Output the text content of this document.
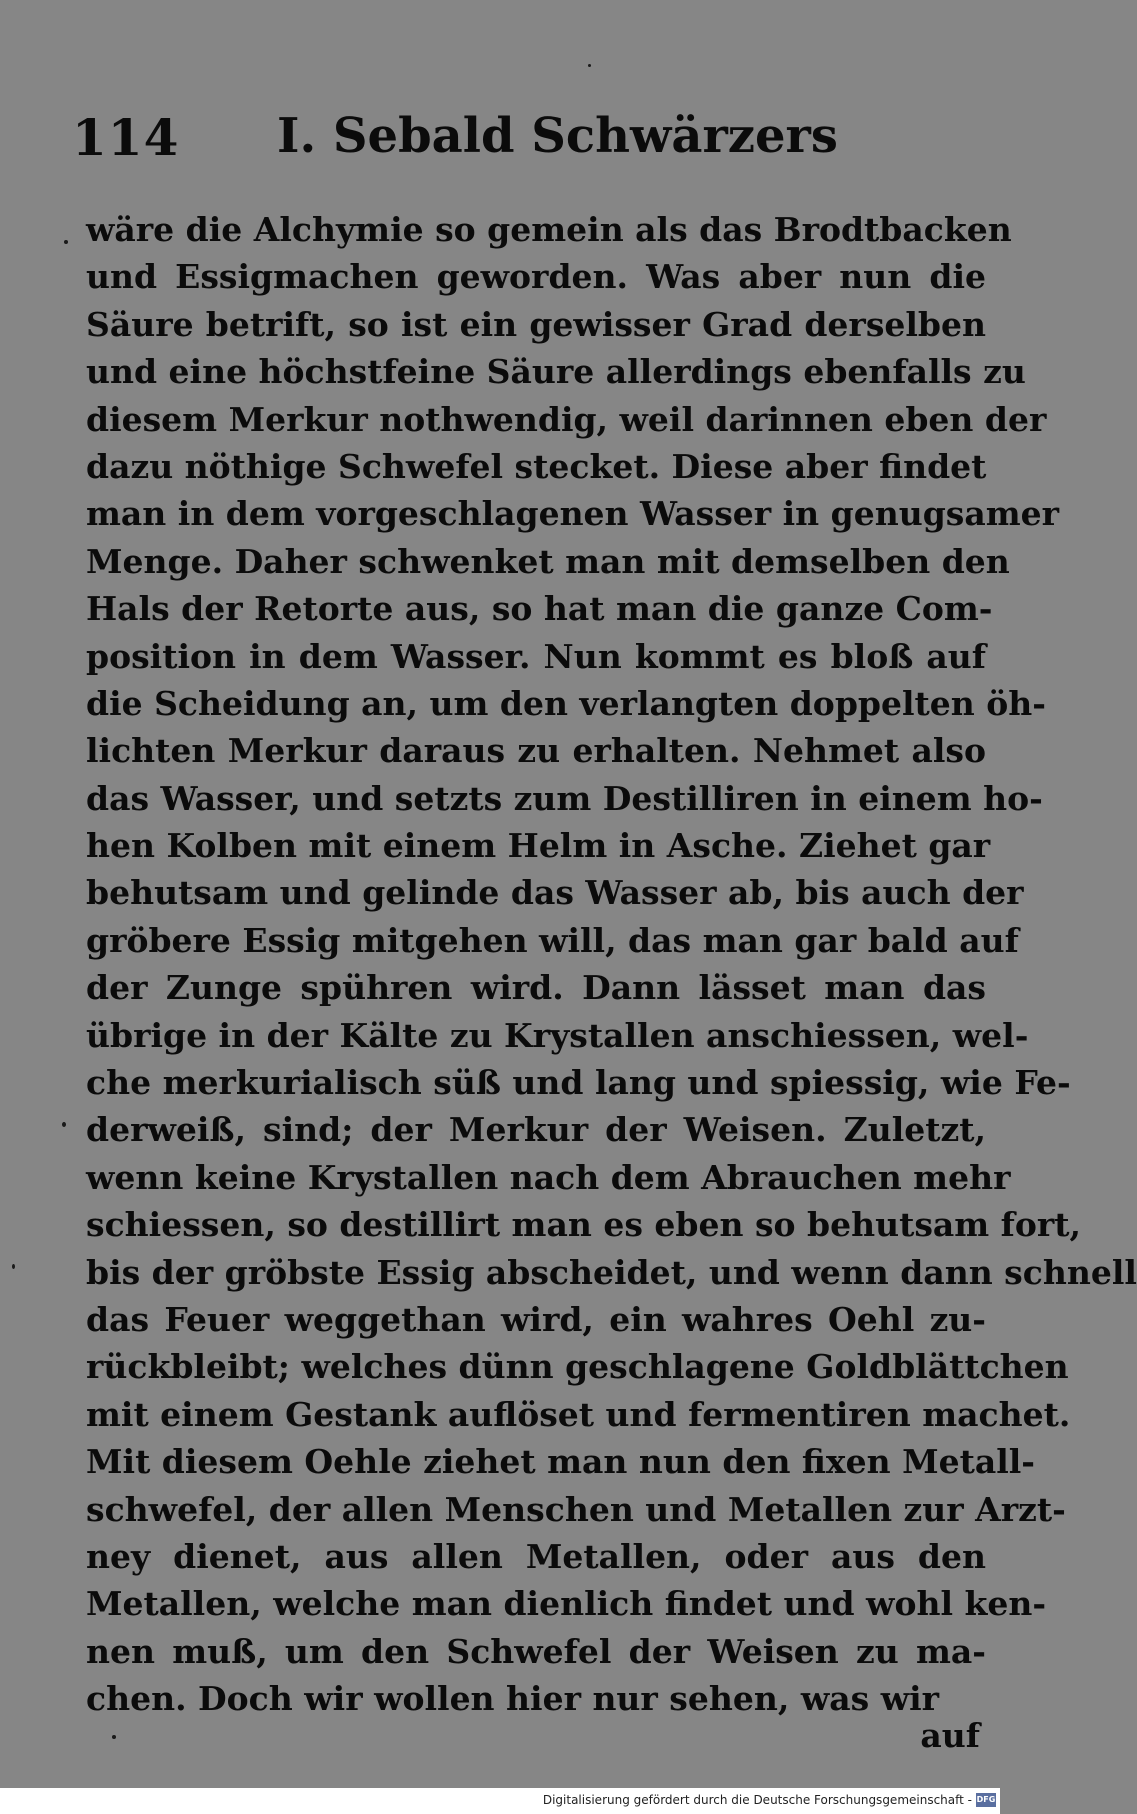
114 I. Sebald Schwärzers
wäre die Alchymie so gemein als das Brodtbacken
und Essigmachen geworden. Was aber nun die
Säure betrift, so ist ein gewisser Grad derselben
und eine höchstfeine Säure allerdings ebenfalls zu
diesem Merkur nothwendig, weil darinnen eben der
dazu nöthige Schwefel stecket. Diese aber findet
man in dem vorgeschlagenen Wasser in genugsamer
Menge. Daher schwenket man mit demselben den
Hals der Retorte aus, so hat man die ganze Com-
position in dem Wasser. Nun kommt es bloß auf
die Scheidung an, um den verlangten doppelten öh-
lichten Merkur daraus zu erhalten. Nehmet also
das Wasser, und setzts zum Destilliren in einem ho-
hen Kolben mit einem Helm in Asche. Ziehet gar
behutsam und gelinde das Wasser ab, bis auch der
gröbere Essig mitgehen will, das man gar bald auf
der Zunge spühren wird. Dann lässet man das
übrige in der Kälte zu Krystallen anschiessen, wel-
che merkurialisch süß und lang und spiessig, wie Fe-
derweiß, sind; der Merkur der Weisen. Zuletzt,
wenn keine Krystallen nach dem Abrauchen mehr
schiessen, so destillirt man es eben so behutsam fort,
bis der gröbste Essig abscheidet, und wenn dann schnell
das Feuer weggethan wird, ein wahres Oehl zu-
rückbleibt; welches dünn geschlagene Goldblättchen
mit einem Gestank auflöset und fermentiren machet.
Mit diesem Oehle ziehet man nun den fixen Metall-
schwefel, der allen Menschen und Metallen zur Arzt-
ney dienet, aus allen Metallen, oder aus den
Metallen, welche man dienlich findet und wohl ken-
nen muß, um den Schwefel der Weisen zu ma-
chen. Doch wir wollen hier nur sehen, was wir
auf
Digitalisierung gefördert durch die Deutsche Forschungsgemeinschaft - DFG
